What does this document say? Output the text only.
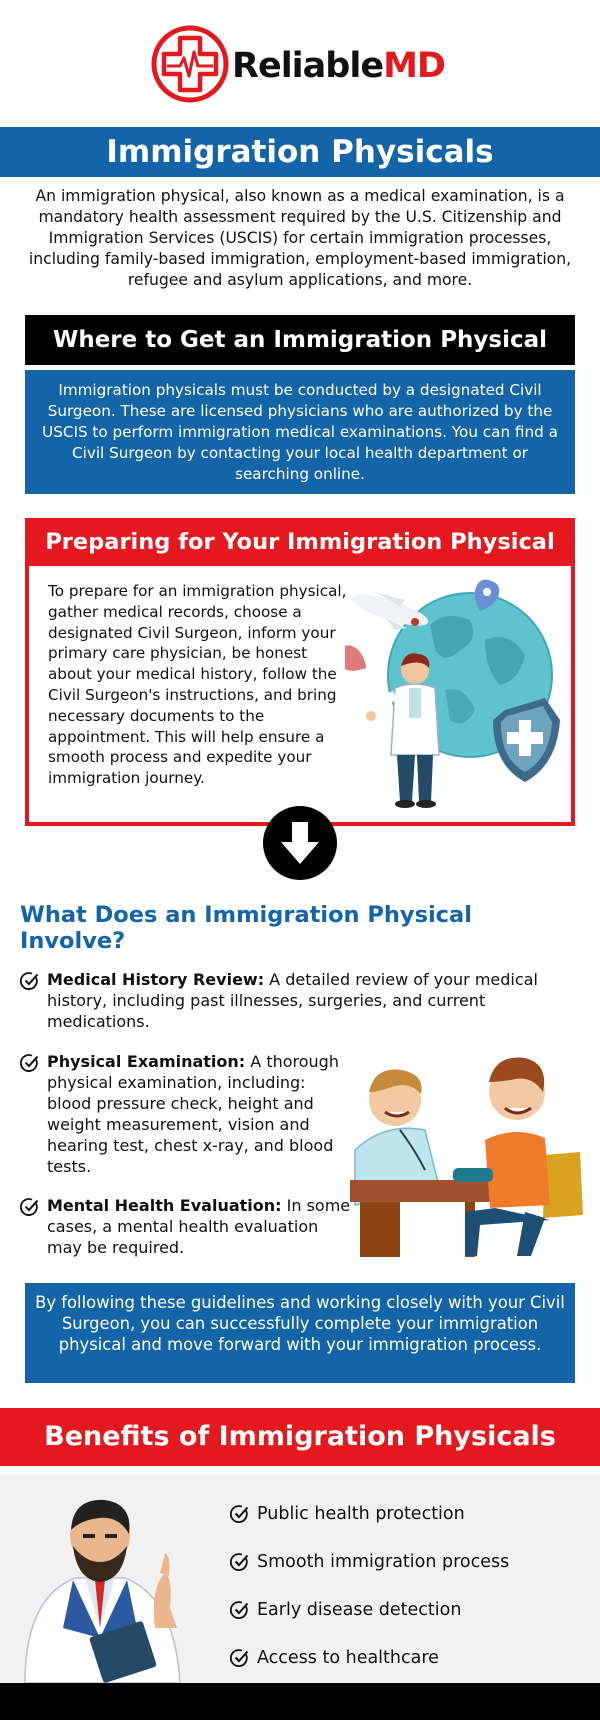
ReliableMD
Immigration Physicals

An immigration physical, also known as a medical examination, is a mandatory health assessment required by the U.S. Citizenship and Immigration Services (USCIS) for certain immigration processes, including family-based immigration, employment-based immigration, refugee and asylum applications, and more.

Where to Get an Immigration Physical

Immigration physicals must be conducted by a designated Civil Surgeon. These are licensed physicians who are authorized by the USCIS to perform immigration medical examinations. You can find a Civil Surgeon by contacting your local health department or searching online.

Preparing for Your Immigration Physical

To prepare for an immigration physical, gather medical records, choose a designated Civil Surgeon, inform your primary care physician, be honest about your medical history, follow the Civil Surgeon's instructions, and bring necessary documents to the appointment. This will help ensure a smooth process and expedite your immigration journey.

What Does an Immigration Physical Involve?
Medical History Review: A detailed review of your medical history, including past illnesses, surgeries, and current medications.
Physical Examination: A thorough physical examination, including: blood pressure check, height and weight measurement, vision and hearing test, chest x-ray, and blood tests.
Mental Health Evaluation: In some cases, a mental health evaluation may be required.

By following these guidelines and working closely with your Civil Surgeon, you can successfully complete your immigration physical and move forward with your immigration process.

Benefits of Immigration Physicals
Public health protection
Smooth immigration process
Early disease detection
Access to healthcare
